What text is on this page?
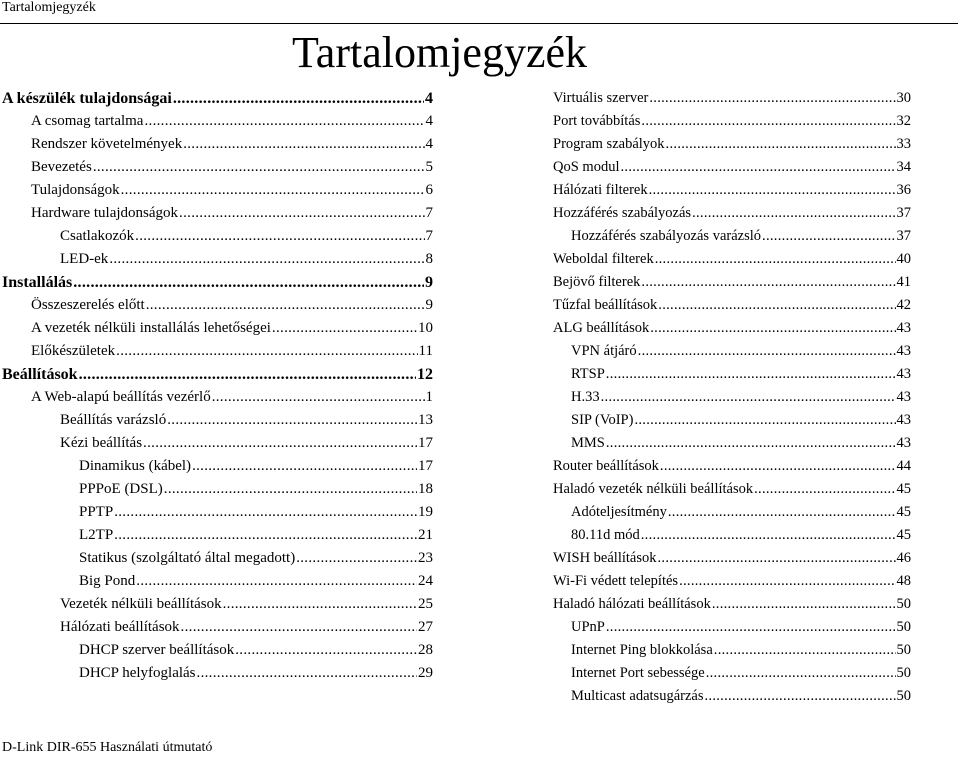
Tartalomjegyzék
Tartalomjegyzék
A készülék tulajdonságai .....	4
A csomag tartalma .....	4
Rendszer követelmények .....	4
Bevezetés .....	5
Tulajdonságok .....	6
Hardware tulajdonságok .....	7
Csatlakozók .....	7
LED-ek .....	8
Installálás .....	9
Összeszerelés előtt .....	9
A vezeték nélküli installálás lehetőségei .....	10
Előkészületek .....	11
Beállítások .....	12
A Web-alapú beállítás vezérlő .....	1
Beállítás varázsló .....	13
Kézi beállítás .....	17
Dinamikus (kábel) .....	17
PPPoE (DSL) .....	18
PPTP .....	19
L2TP .....	21
Statikus (szolgáltató által megadott) .....	23
Big Pond .....	24
Vezeték nélküli beállítások .....	25
Hálózati beállítások .....	27
DHCP szerver beállítások .....	28
DHCP helyfoglalás .....	29
Virtuális szerver .....	30
Port továbbítás .....	32
Program szabályok .....	33
QoS modul .....	34
Hálózati filterek .....	36
Hozzáférés szabályozás .....	37
Hozzáférés szabályozás varázsló .....	37
Weboldal filterek .....	40
Bejövő filterek .....	41
Tűzfal beállítások .....	42
ALG beállítások .....	43
VPN átjáró .....	43
RTSP .....	43
H.33 .....	43
SIP (VoIP) .....	43
MMS .....	43
Router beállítások .....	44
Haladó vezeték nélküli beállítások .....	45
Adóteljesítmény .....	45
80.11d mód .....	45
WISH beállítások .....	46
Wi-Fi védett telepítés .....	48
Haladó hálózati beállítások .....	50
UPnP .....	50
Internet Ping blokkolása .....	50
Internet Port sebessége .....	50
Multicast adatsugárzás .....	50
D-Link DIR-655 Használati útmutató
